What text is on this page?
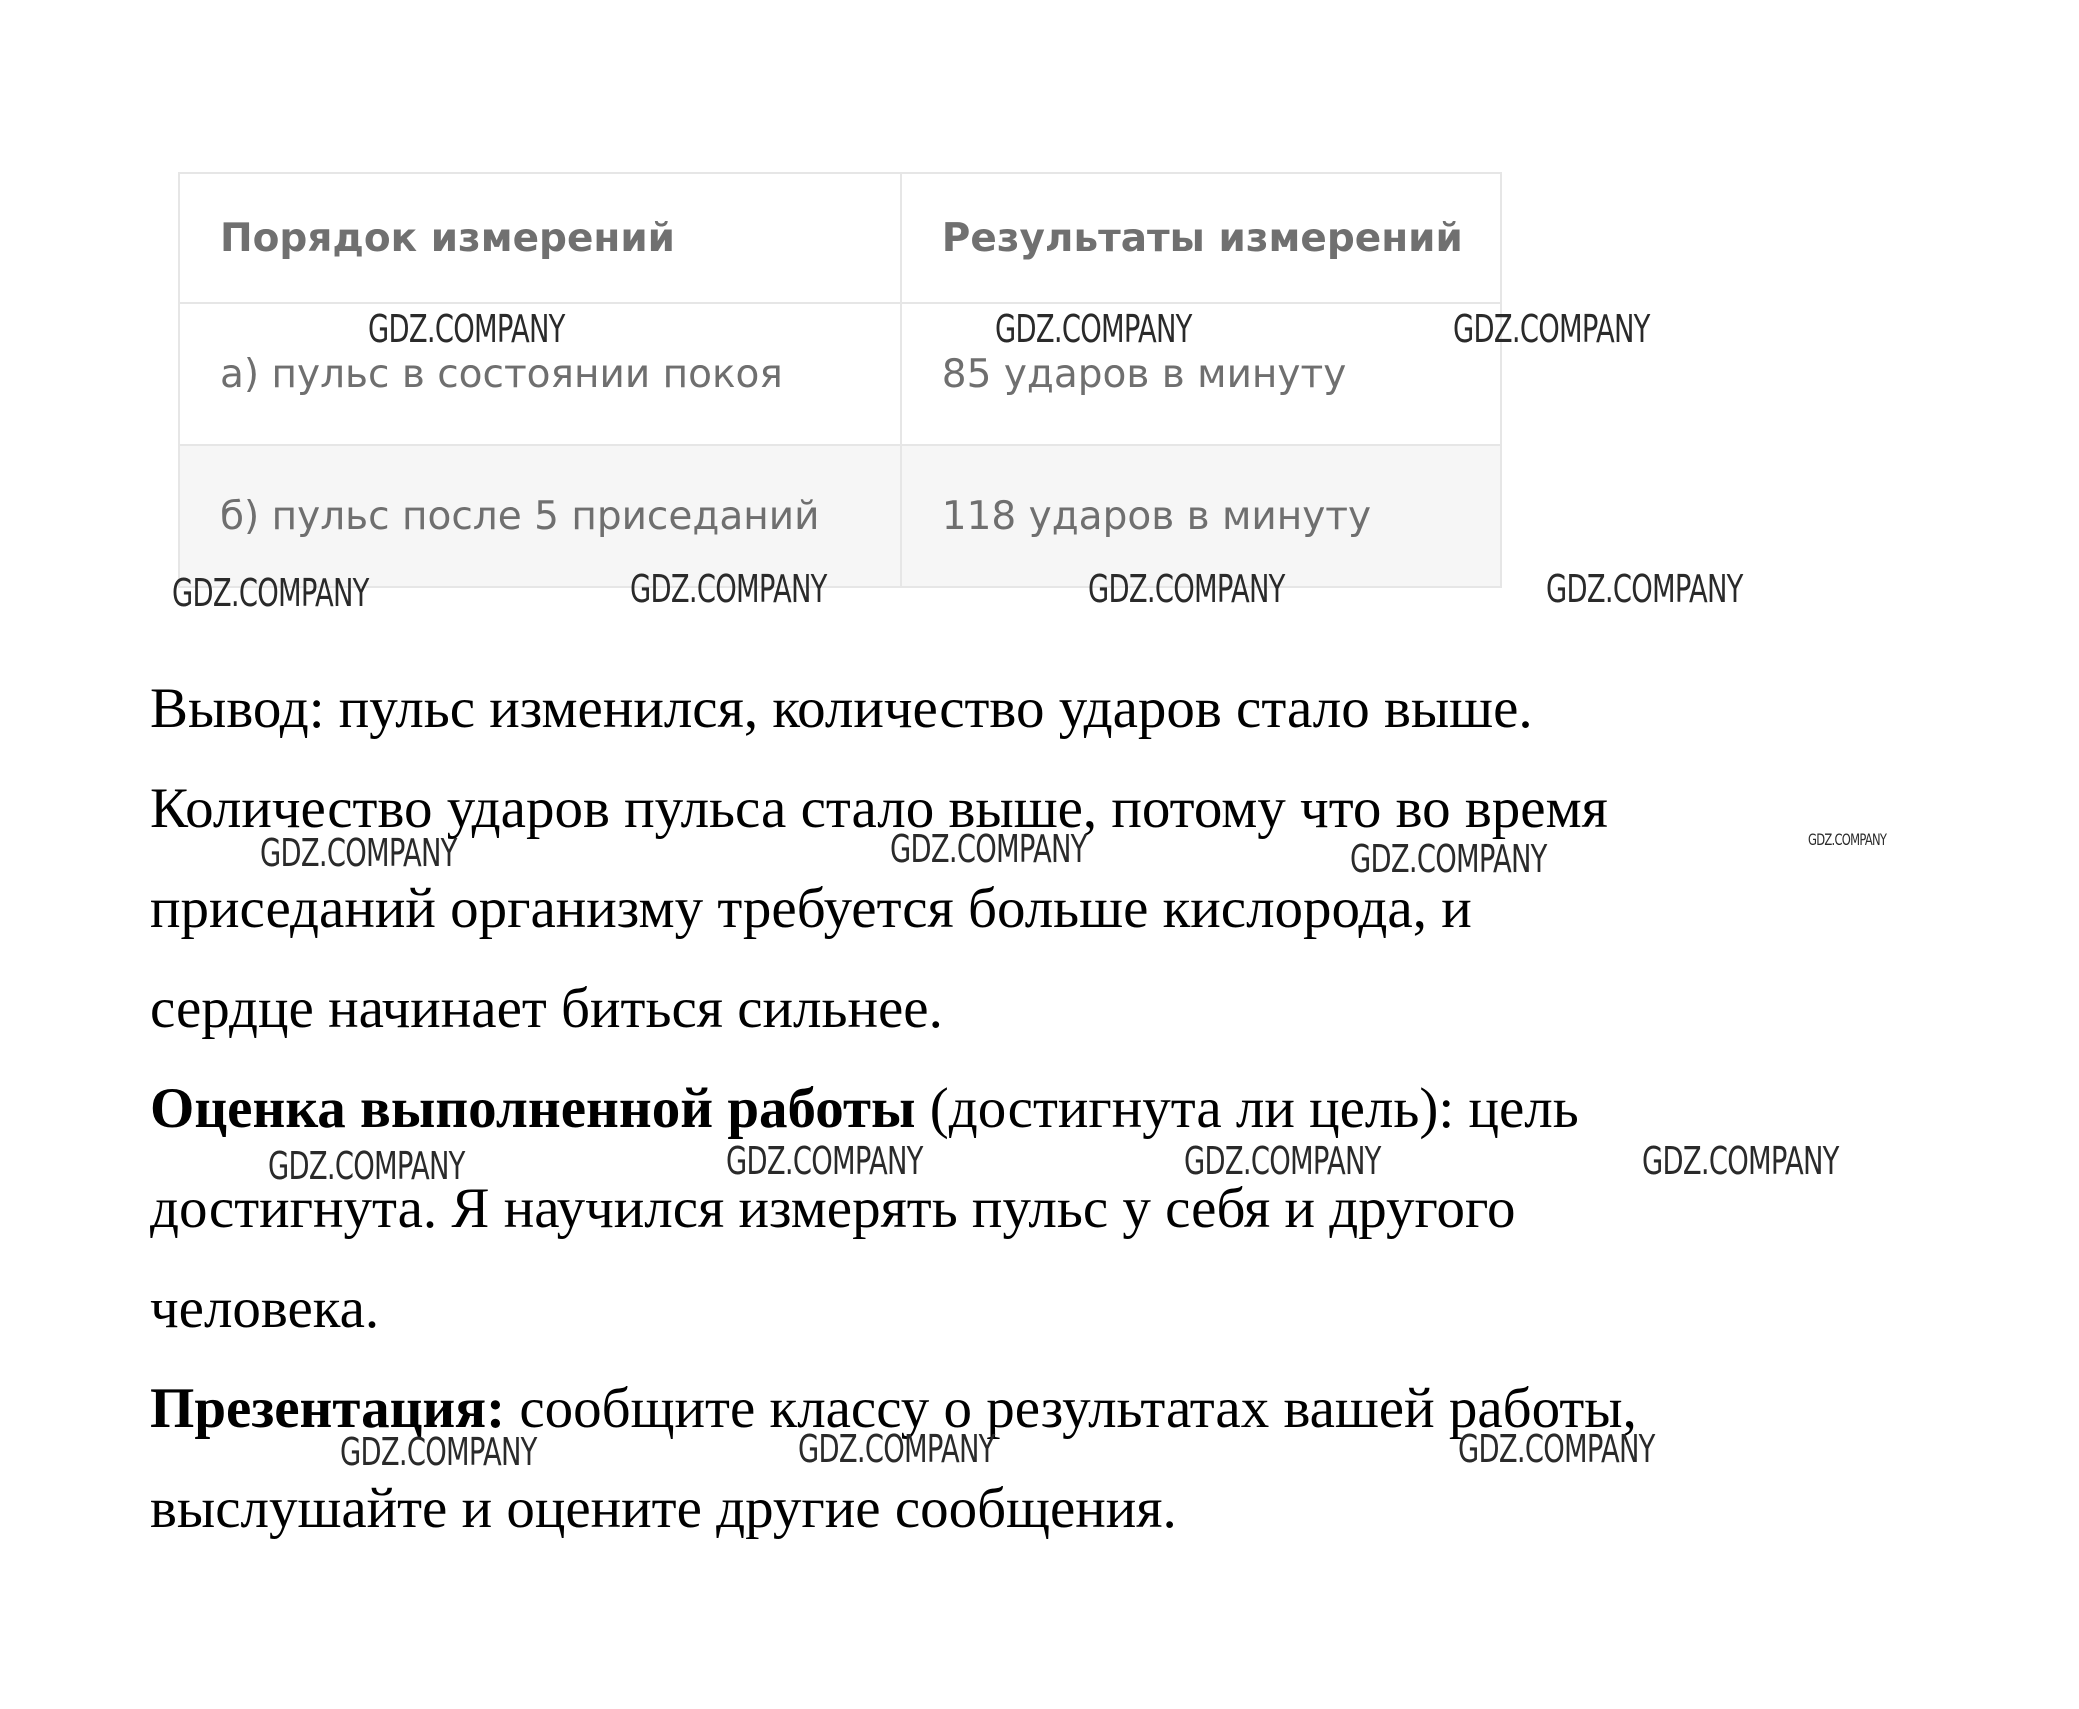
Порядок измерений	Результаты измерений
а) пульс в состоянии покоя	85 ударов в минуту
б) пульс после 5 приседаний	118 ударов в минуту
Вывод: пульс изменился, количество ударов стало выше.
Количество ударов пульса стало выше, потому что во время
приседаний организму требуется больше кислорода, и
сердце начинает биться сильнее.
Оценка выполненной работы (достигнута ли цель): цель
достигнута. Я научился измерять пульс у себя и другого
человека.
Презентация: сообщите классу о результатах вашей работы,
выслушайте и оцените другие сообщения.
GDZ.COMPANY	GDZ.COMPANY	GDZ.COMPANY
GDZ.COMPANY	GDZ.COMPANY	GDZ.COMPANY	GDZ.COMPANY
GDZ.COMPANY	GDZ.COMPANY	GDZ.COMPANY	GDZ.COMPANY
GDZ.COMPANY	GDZ.COMPANY	GDZ.COMPANY	GDZ.COMPANY
GDZ.COMPANY	GDZ.COMPANY	GDZ.COMPANY
